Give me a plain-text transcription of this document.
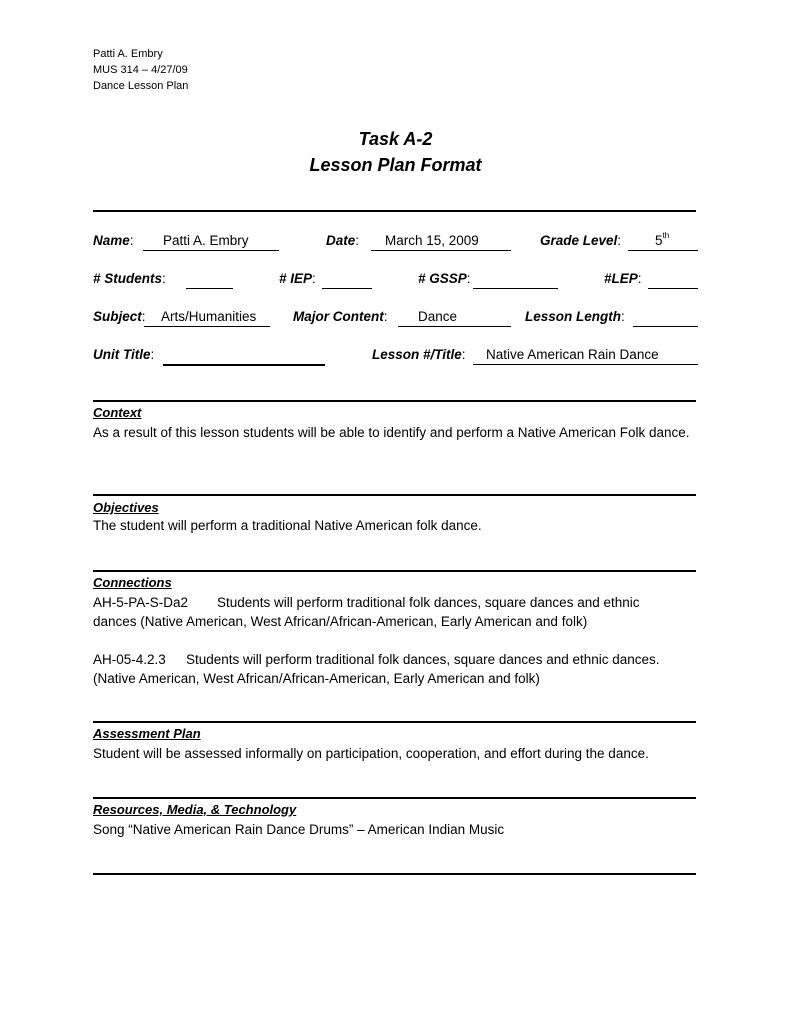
Patti A. Embry
MUS 314 – 4/27/09
Dance Lesson Plan
Task A-2
Lesson Plan Format
Name:	Patti A. Embry	Date:	March 15, 2009	Grade Level:	5th
# Students:	# IEP:	# GSSP:	#LEP:
Subject:	Arts/Humanities	Major Content:	Dance	Lesson Length:
Unit Title:	Lesson #/Title:	Native American Rain Dance
Context
As a result of this lesson students will be able to identify and perform a Native American Folk dance.
Objectives
The student will perform a traditional Native American folk dance.
Connections
AH-5-PA-S-Da2 Students will perform traditional folk dances, square dances and ethnic
dances (Native American, West African/African-American, Early American and folk)
AH-05-4.2.3 Students will perform traditional folk dances, square dances and ethnic dances.
(Native American, West African/African-American, Early American and folk)
Assessment Plan
Student will be assessed informally on participation, cooperation, and effort during the dance.
Resources, Media, & Technology
Song “Native American Rain Dance Drums” – American Indian Music
